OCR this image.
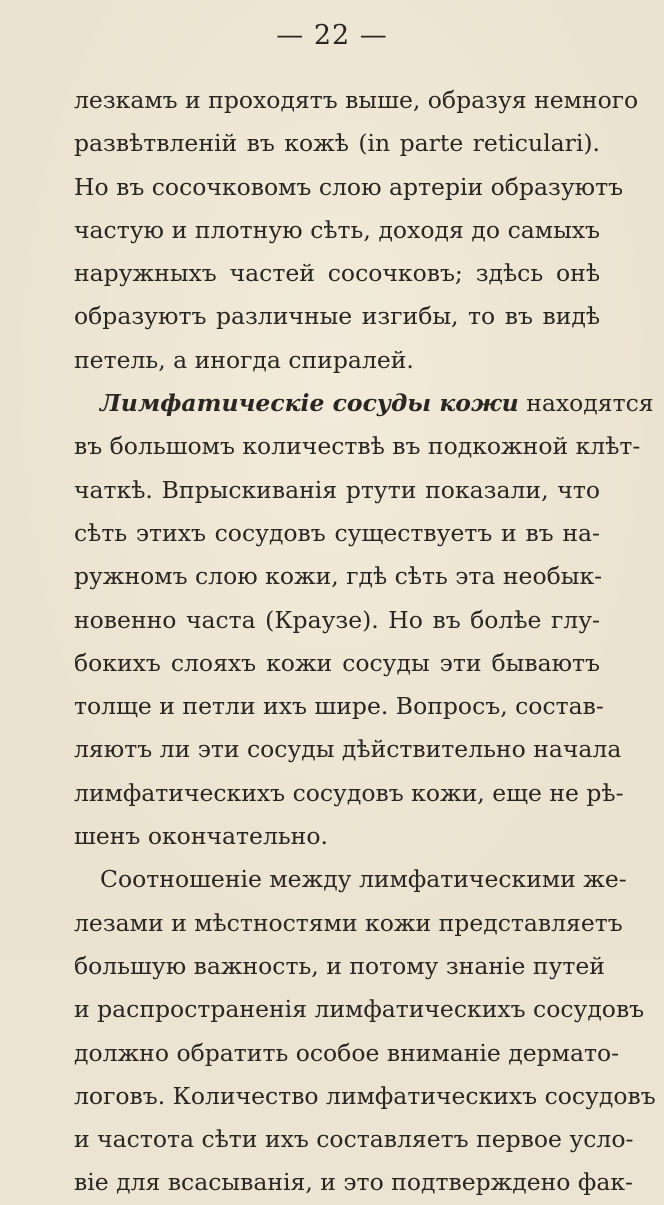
— 22 —
лезкамъ и проходятъ выше, образуя немного
развѣтвленій въ кожѣ (in parte reticulari).
Но въ сосочковомъ слою артеріи образуютъ
частую и плотную сѣть, доходя до самыхъ
наружныхъ частей сосочковъ; здѣсь онѣ
образуютъ различные изгибы, то въ видѣ
петель, а иногда спиралей.
Лимфатическіе сосуды кожи находятся
въ большомъ количествѣ въ подкожной клѣт-
чаткѣ. Впрыскиванія ртути показали, что
сѣть этихъ сосудовъ существуетъ и въ на-
ружномъ слою кожи, гдѣ сѣть эта необык-
новенно часта (Краузе). Но въ болѣе глу-
бокихъ слояхъ кожи сосуды эти бываютъ
толще и петли ихъ шире. Вопросъ, состав-
ляютъ ли эти сосуды дѣйствительно начала
лимфатическихъ сосудовъ кожи, еще не рѣ-
шенъ окончательно.
Соотношеніе между лимфатическими же-
лезами и мѣстностями кожи представляетъ
большую важность, и потому знаніе путей
и распространенія лимфатическихъ сосудовъ
должно обратить особое вниманіе дермато-
логовъ. Количество лимфатическихъ сосудовъ
и частота сѣти ихъ составляетъ первое усло-
віе для всасыванія, и это подтверждено фак-
